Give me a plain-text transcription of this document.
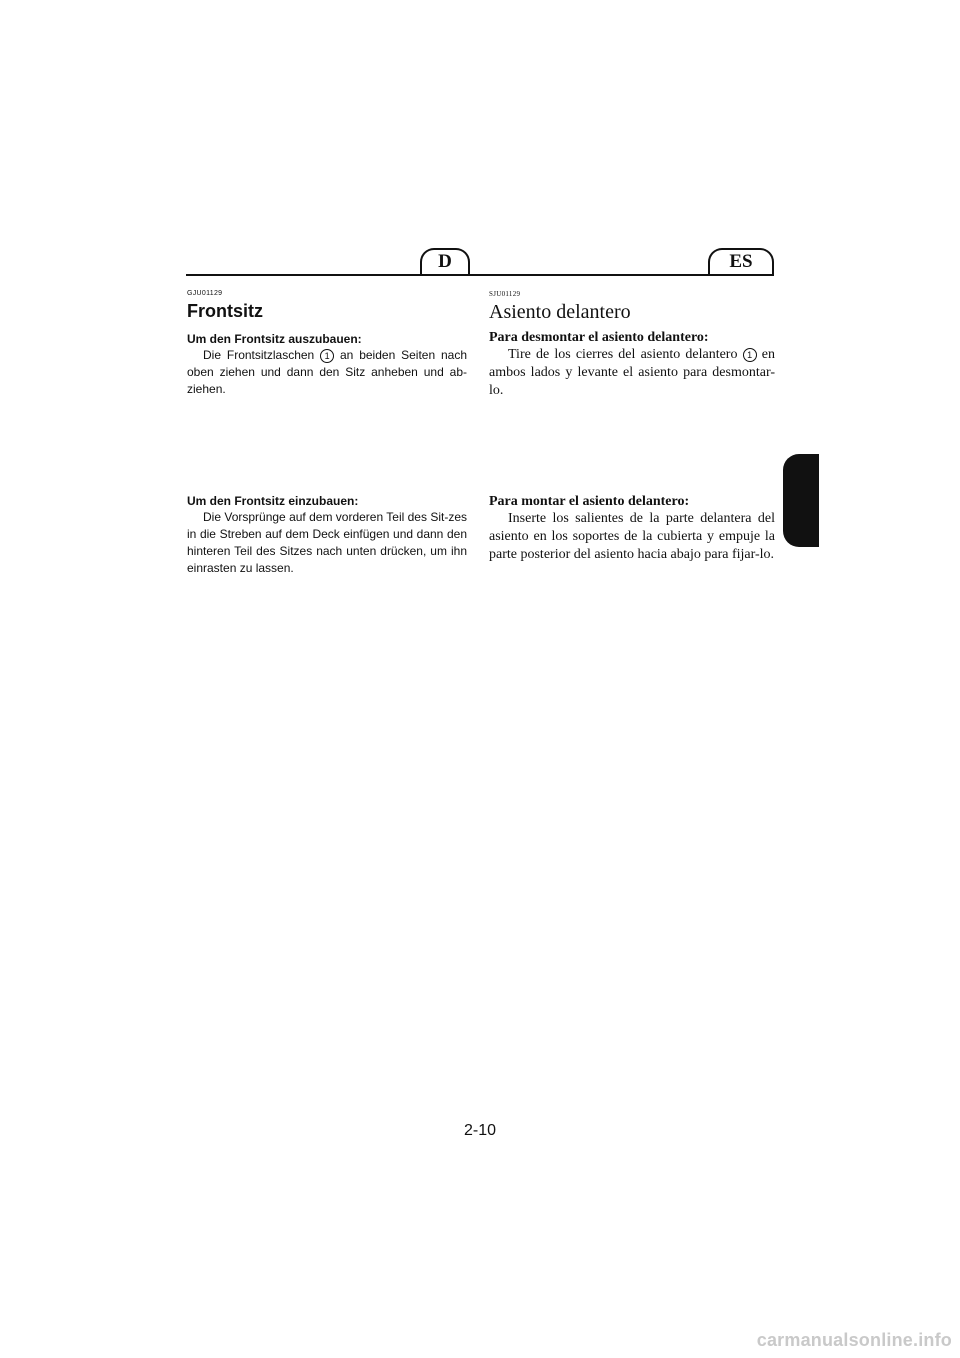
D	ES

GJU01129

Frontsitz

Um den Frontsitz auszubauen:

Die Frontsitzlaschen 1 an beiden Seiten nach oben ziehen und dann den Sitz anheben und ab-ziehen.

SJU01129

Asiento delantero

Para desmontar el asiento delantero:

Tire de los cierres del asiento delantero 1 en ambos lados y levante el asiento para desmontar-lo.

Um den Frontsitz einzubauen:

Die Vorsprünge auf dem vorderen Teil des Sit-zes in die Streben auf dem Deck einfügen und dann den hinteren Teil des Sitzes nach unten drücken, um ihn einrasten zu lassen.

Para montar el asiento delantero:

Inserte los salientes de la parte delantera del asiento en los soportes de la cubierta y empuje la parte posterior del asiento hacia abajo para fijar-lo.

2-10
carmanualsonline.info
